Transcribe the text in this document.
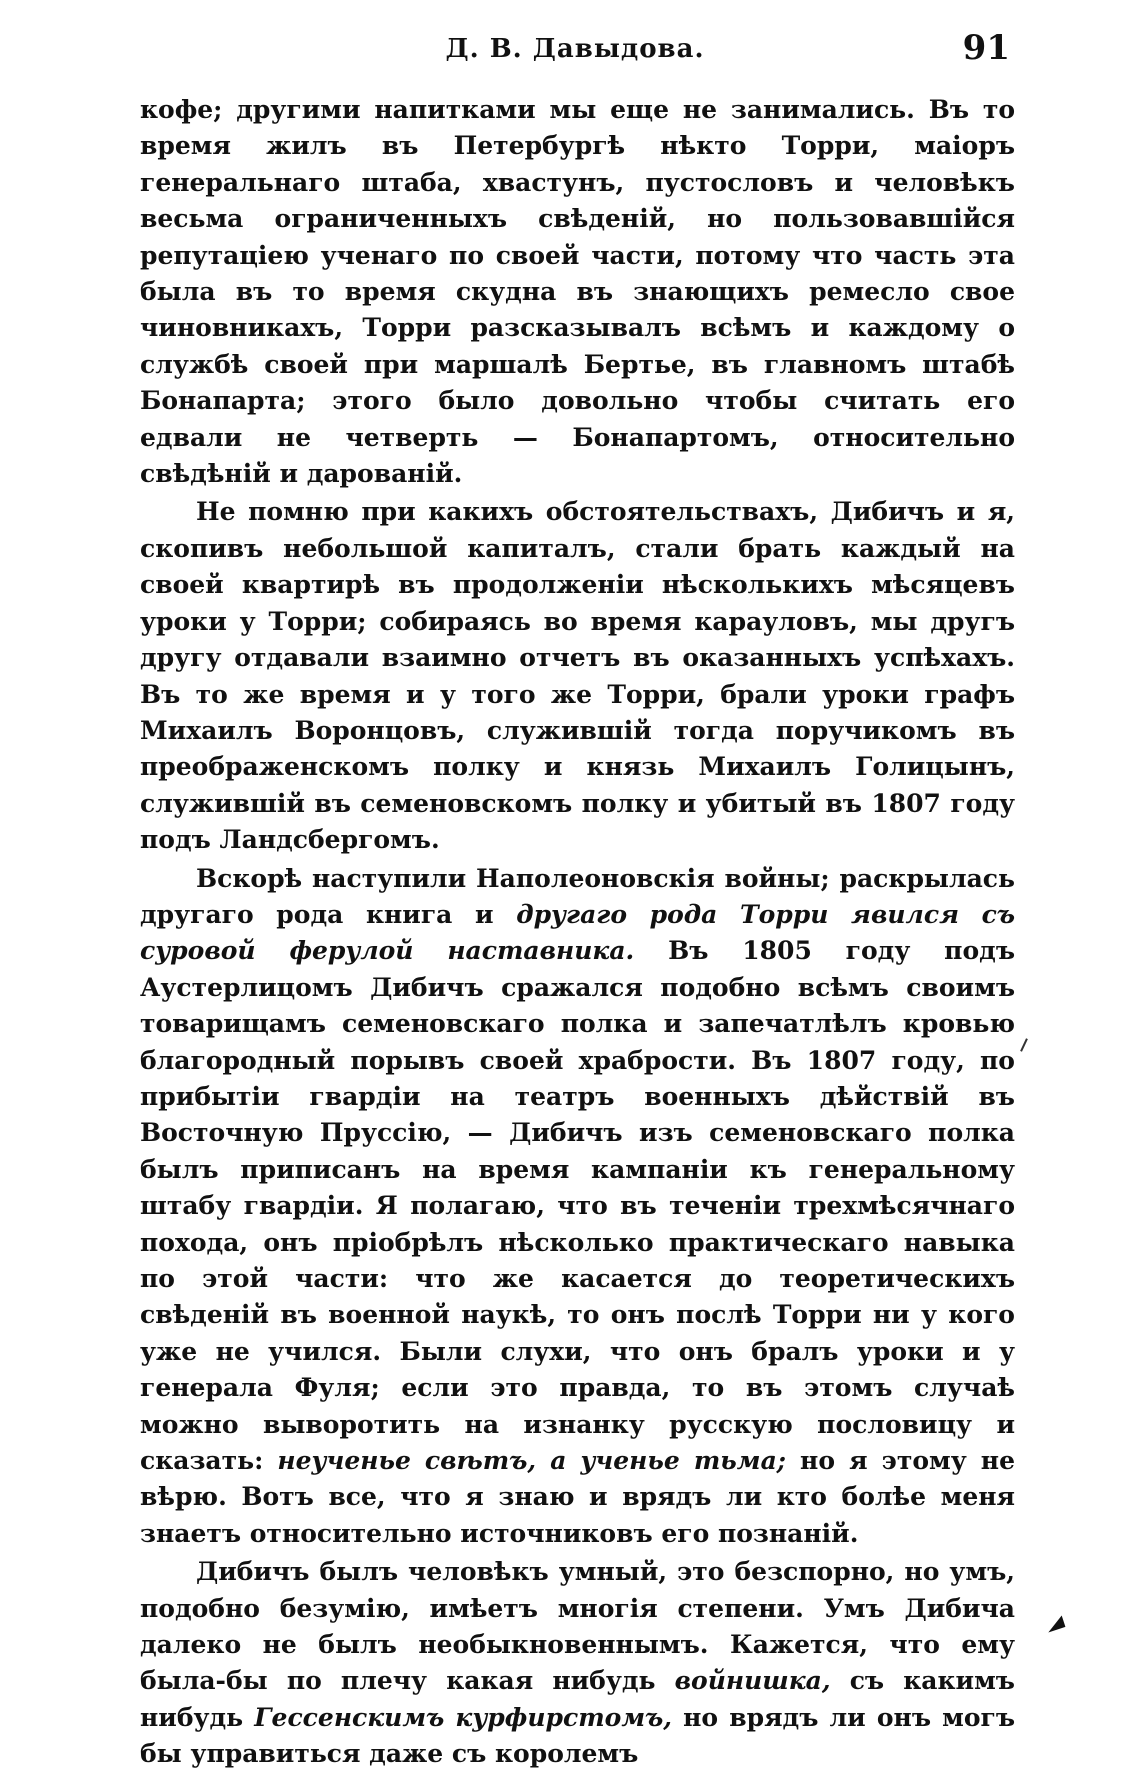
Д. В. Давыдова.	91

кофе; другими напитками мы еще не занимались. Въ то время жилъ въ Петербургѣ нѣкто Торри, маіоръ генеральнаго штаба, хвастунъ, пустословъ и человѣкъ весьма ограниченныхъ свѣденій, но пользовавшійся репутаціею ученаго по своей части, потому что часть эта была въ то время скудна въ знающихъ ремесло свое чиновникахъ, Торри разсказывалъ всѣмъ и каждому о службѣ своей при маршалѣ Бертье, въ главномъ штабѣ Бонапарта; этого было довольно чтобы считать его едвали не четверть — Бонапартомъ, относительно свѣдѣній и дарованій.

Не помню при какихъ обстоятельствахъ, Дибичъ и я, скопивъ небольшой капиталъ, стали брать каждый на своей квартирѣ въ продолженіи нѣсколькихъ мѣсяцевъ уроки у Торри; собираясь во время карауловъ, мы другъ другу отдавали взаимно отчетъ въ оказанныхъ успѣхахъ. Въ то же время и у того же Торри, брали уроки графъ Михаилъ Воронцовъ, служившій тогда поручикомъ въ преображенскомъ полку и князь Михаилъ Голицынъ, служившій въ семеновскомъ полку и убитый въ 1807 году подъ Ландсбергомъ.

Вскорѣ наступили Наполеоновскія войны; раскрылась другаго рода книга и другаго рода Торри явился съ суровой ферулой наставника. Въ 1805 году подъ Аустерлицомъ Дибичъ сражался подобно всѣмъ своимъ товарищамъ семеновскаго полка и запечатлѣлъ кровью благородный порывъ своей храбрости. Въ 1807 году, по прибытіи гвардіи на театръ военныхъ дѣйствій въ Восточную Пруссію, — Дибичъ изъ семеновскаго полка былъ приписанъ на время кампаніи къ генеральному штабу гвардіи. Я полагаю, что въ теченіи трехмѣсячнаго похода, онъ пріобрѣлъ нѣсколько практическаго навыка по этой части: что же касается до теоретическихъ свѣденій въ военной наукѣ, то онъ послѣ Торри ни у кого уже не учился. Были слухи, что онъ бралъ уроки и у генерала Фуля; если это правда, то въ этомъ случаѣ можно выворотить на изнанку русскую пословицу и сказать: неученье свѣтъ, а ученье тьма; но я этому не вѣрю. Вотъ все, что я знаю и врядъ ли кто болѣе меня знаетъ относительно источниковъ его познаній.

Дибичъ былъ человѣкъ умный, это безспорно, но умъ, подобно безумію, имѣетъ многія степени. Умъ Дибича далеко не былъ необыкновеннымъ. Кажется, что ему была-бы по плечу какая нибудь войнишка, съ какимъ нибудь Гессенскимъ курфирстомъ, но врядъ ли онъ могъ бы управиться даже съ королемъ
